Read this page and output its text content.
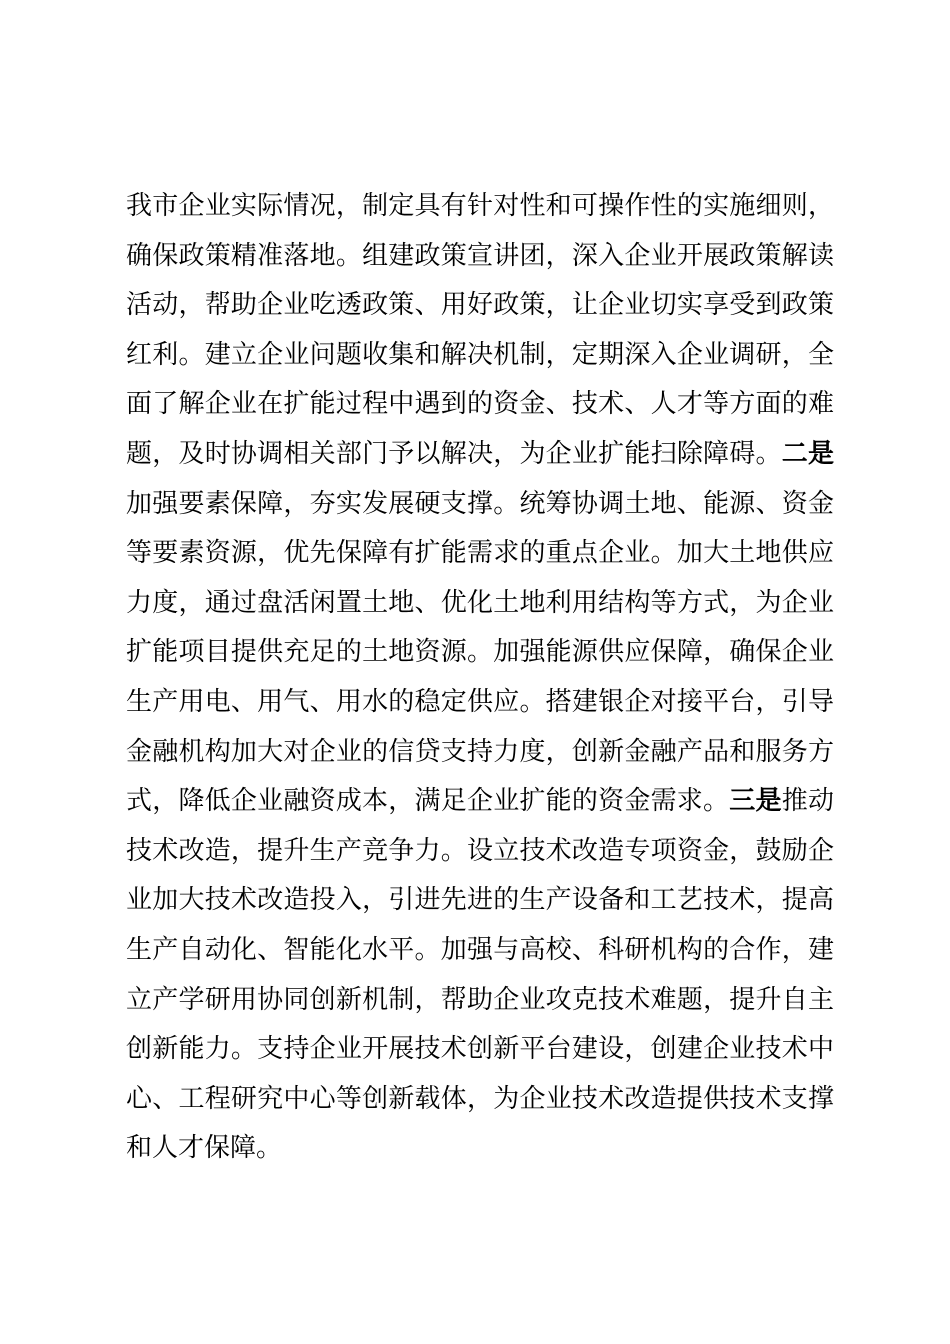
我市企业实际情况，制定具有针对性和可操作性的实施细则，
确保政策精准落地。组建政策宣讲团，深入企业开展政策解读
活动，帮助企业吃透政策、用好政策，让企业切实享受到政策
红利。建立企业问题收集和解决机制，定期深入企业调研，全
面了解企业在扩能过程中遇到的资金、技术、人才等方面的难
题，及时协调相关部门予以解决，为企业扩能扫除障碍。二是
加强要素保障，夯实发展硬支撑。统筹协调土地、能源、资金
等要素资源，优先保障有扩能需求的重点企业。加大土地供应
力度，通过盘活闲置土地、优化土地利用结构等方式，为企业
扩能项目提供充足的土地资源。加强能源供应保障，确保企业
生产用电、用气、用水的稳定供应。搭建银企对接平台，引导
金融机构加大对企业的信贷支持力度，创新金融产品和服务方
式，降低企业融资成本，满足企业扩能的资金需求。三是推动
技术改造，提升生产竞争力。设立技术改造专项资金，鼓励企
业加大技术改造投入，引进先进的生产设备和工艺技术，提高
生产自动化、智能化水平。加强与高校、科研机构的合作，建
立产学研用协同创新机制，帮助企业攻克技术难题，提升自主
创新能力。支持企业开展技术创新平台建设，创建企业技术中
心、工程研究中心等创新载体，为企业技术改造提供技术支撑
和人才保障。
